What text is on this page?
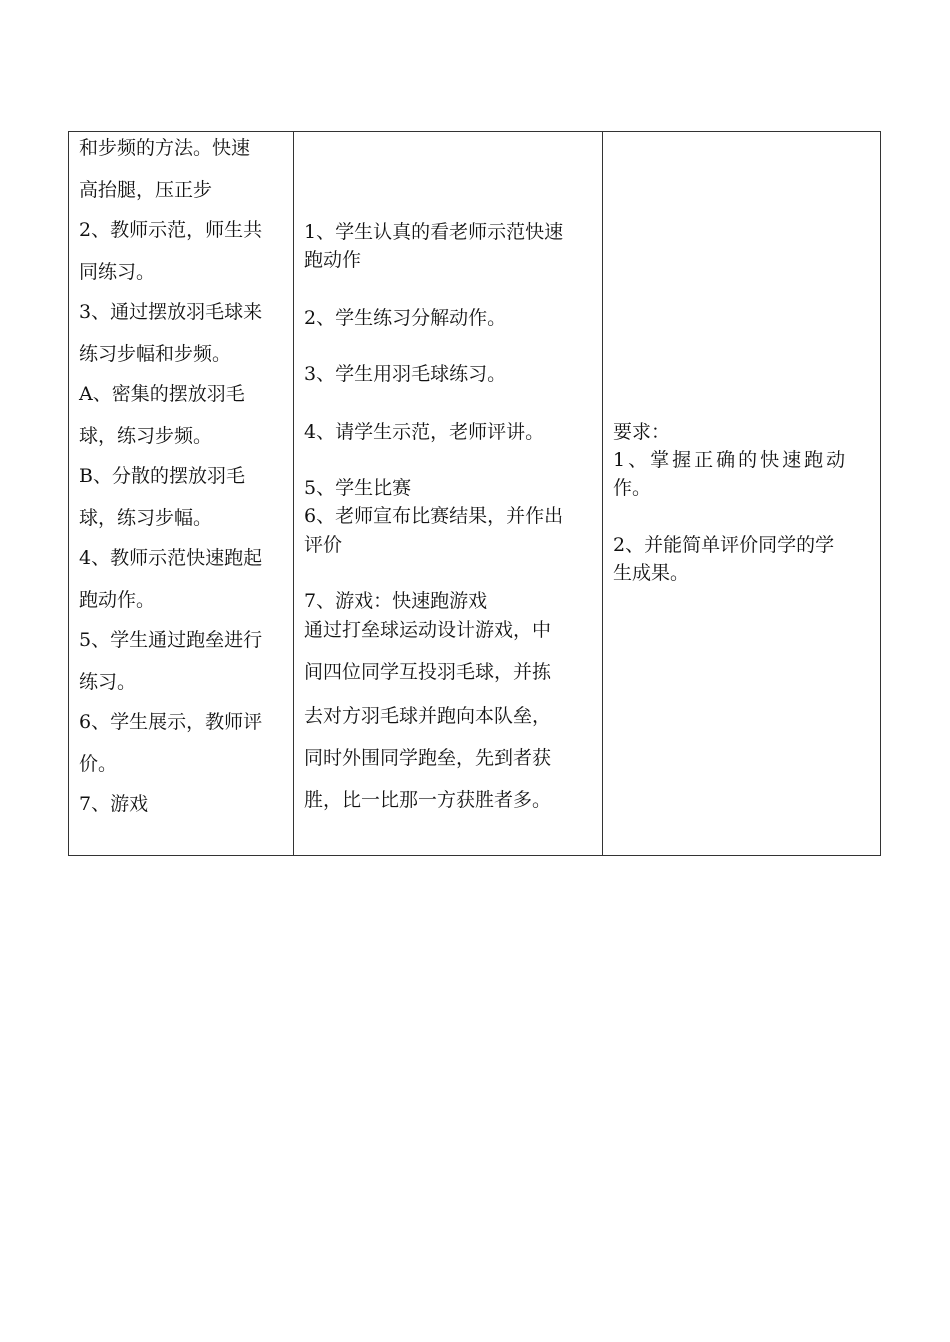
和步频的方法。快速
高抬腿，压正步
2、教师示范，师生共
同练习。
3、通过摆放羽毛球来
练习步幅和步频。
A、密集的摆放羽毛
球，练习步频。
B、分散的摆放羽毛
球，练习步幅。
4、教师示范快速跑起
跑动作。
5、学生通过跑垒进行
练习。
6、学生展示，教师评
价。
7、游戏
1、学生认真的看老师示范快速
跑动作
2、学生练习分解动作。
3、学生用羽毛球练习。
4、请学生示范，老师评讲。
5、学生比赛
6、老师宣布比赛结果，并作出
评价
7、游戏：快速跑游戏
通过打垒球运动设计游戏，中
间四位同学互投羽毛球，并拣
去对方羽毛球并跑向本队垒，
同时外围同学跑垒，先到者获
胜，比一比那一方获胜者多。
要求：
1、掌握正确的快速跑动
作。
2、并能简单评价同学的学
生成果。
